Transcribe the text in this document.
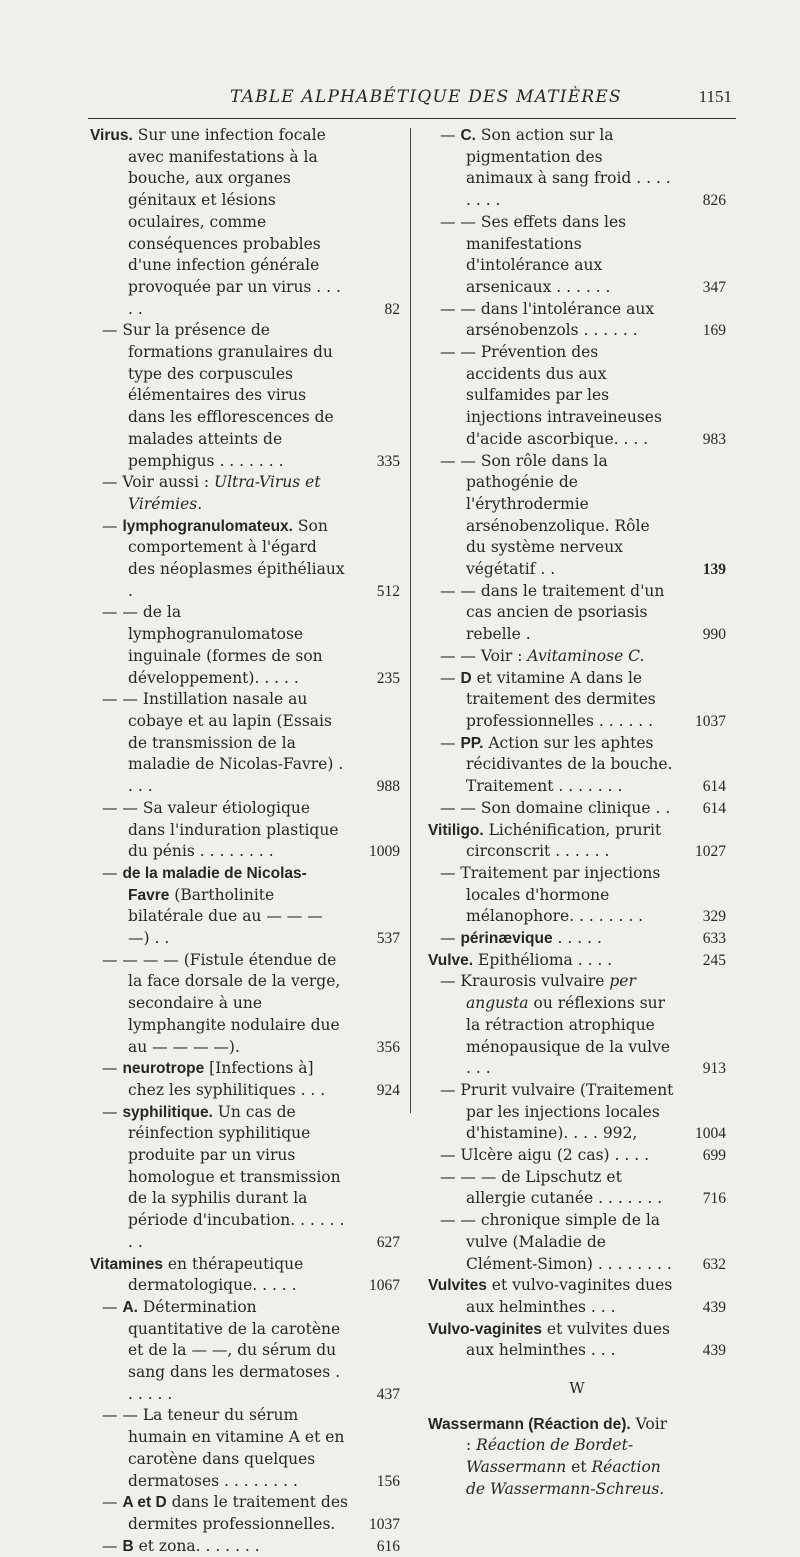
TABLE ALPHABÉTIQUE DES MATIÈRES	1151
Virus. Sur une infection focale avec manifestations à la bouche, aux organes génitaux et lésions oculaires, comme conséquences probables d'une infection générale provoquée par un virus . . . . .	82
— Sur la présence de formations granulaires du type des corpuscules élémentaires des virus dans les efflorescences de malades atteints de pemphigus . . . . . . .	335
— Voir aussi : Ultra-Virus et Virémies.
— lymphogranulomateux. Son comportement à l'égard des néoplasmes épithéliaux .	512
— — de la lymphogranulomatose inguinale (formes de son développement). . . . .	235
— — Instillation nasale au cobaye et au lapin (Essais de transmission de la maladie de Nicolas-Favre) . . . .	988
— — Sa valeur étiologique dans l'induration plastique du pénis . . . . . . . .	1009
— de la maladie de Nicolas-Favre (Bartholinite bilatérale due au — — — —) . .	537
— — — — (Fistule étendue de la face dorsale de la verge, secondaire à une lymphangite nodulaire due au — — — —).	356
— neurotrope [Infections à] chez les syphilitiques . . .	924
— syphilitique. Un cas de réinfection syphilitique produite par un virus homologue et transmission de la syphilis durant la période d'incubation. . . . . . . .	627
Vitamines en thérapeutique dermatologique. . . . .	1067
— A. Détermination quantitative de la carotène et de la — —, du sérum du sang dans les dermatoses . . . . . .	437
— — La teneur du sérum humain en vitamine A et en carotène dans quelques dermatoses . . . . . . . .	156
— A et D dans le traitement des dermites professionnelles. 1037
— B et zona. . . . . . .	616
— C. Son action sur la pigmentation des animaux à sang froid . . . . . . . .	826
— — Ses effets dans les manifestations d'intolérance aux arsenicaux . . . . . .	347
— — dans l'intolérance aux arsénobenzols . . . . . .	169
— — Prévention des accidents dus aux sulfamides par les injections intraveineuses d'acide ascorbique. . . .	983
— — Son rôle dans la pathogénie de l'érythrodermie arsénobenzolique. Rôle du système nerveux végétatif . .	139
— — dans le traitement d'un cas ancien de psoriasis rebelle .	990
— — Voir : Avitaminose C.
— D et vitamine A dans le traitement des dermites professionnelles . . . . . .	1037
— PP. Action sur les aphtes récidivantes de la bouche. Traitement . . . . . . .	614
— — Son domaine clinique . . 614
Vitiligo. Lichénification, prurit circonscrit . . . . . .	1027
— Traitement par injections locales d'hormone mélanophore. . . . . . . .	329
— périnævique . . . . .	633
Vulve. Epithélioma . . . .	245
— Kraurosis vulvaire per angusta ou réflexions sur la rétraction atrophique ménopausique de la vulve . . .	913
— Prurit vulvaire (Traitement par les injections locales d'histamine). . . . 992,	1004
— Ulcère aigu (2 cas) . . . .	699
— — — de Lipschutz et allergie cutanée . . . . . . .	716
— — chronique simple de la vulve (Maladie de Clément-Simon) . . . . . . . . 632
Vulvites et vulvo-vaginites dues aux helminthes . . .	439
Vulvo-vaginites et vulvites dues aux helminthes . . .	439
W
Wassermann (Réaction de). Voir : Réaction de Bordet-Wassermann et Réaction de Wassermann-Schreus.
